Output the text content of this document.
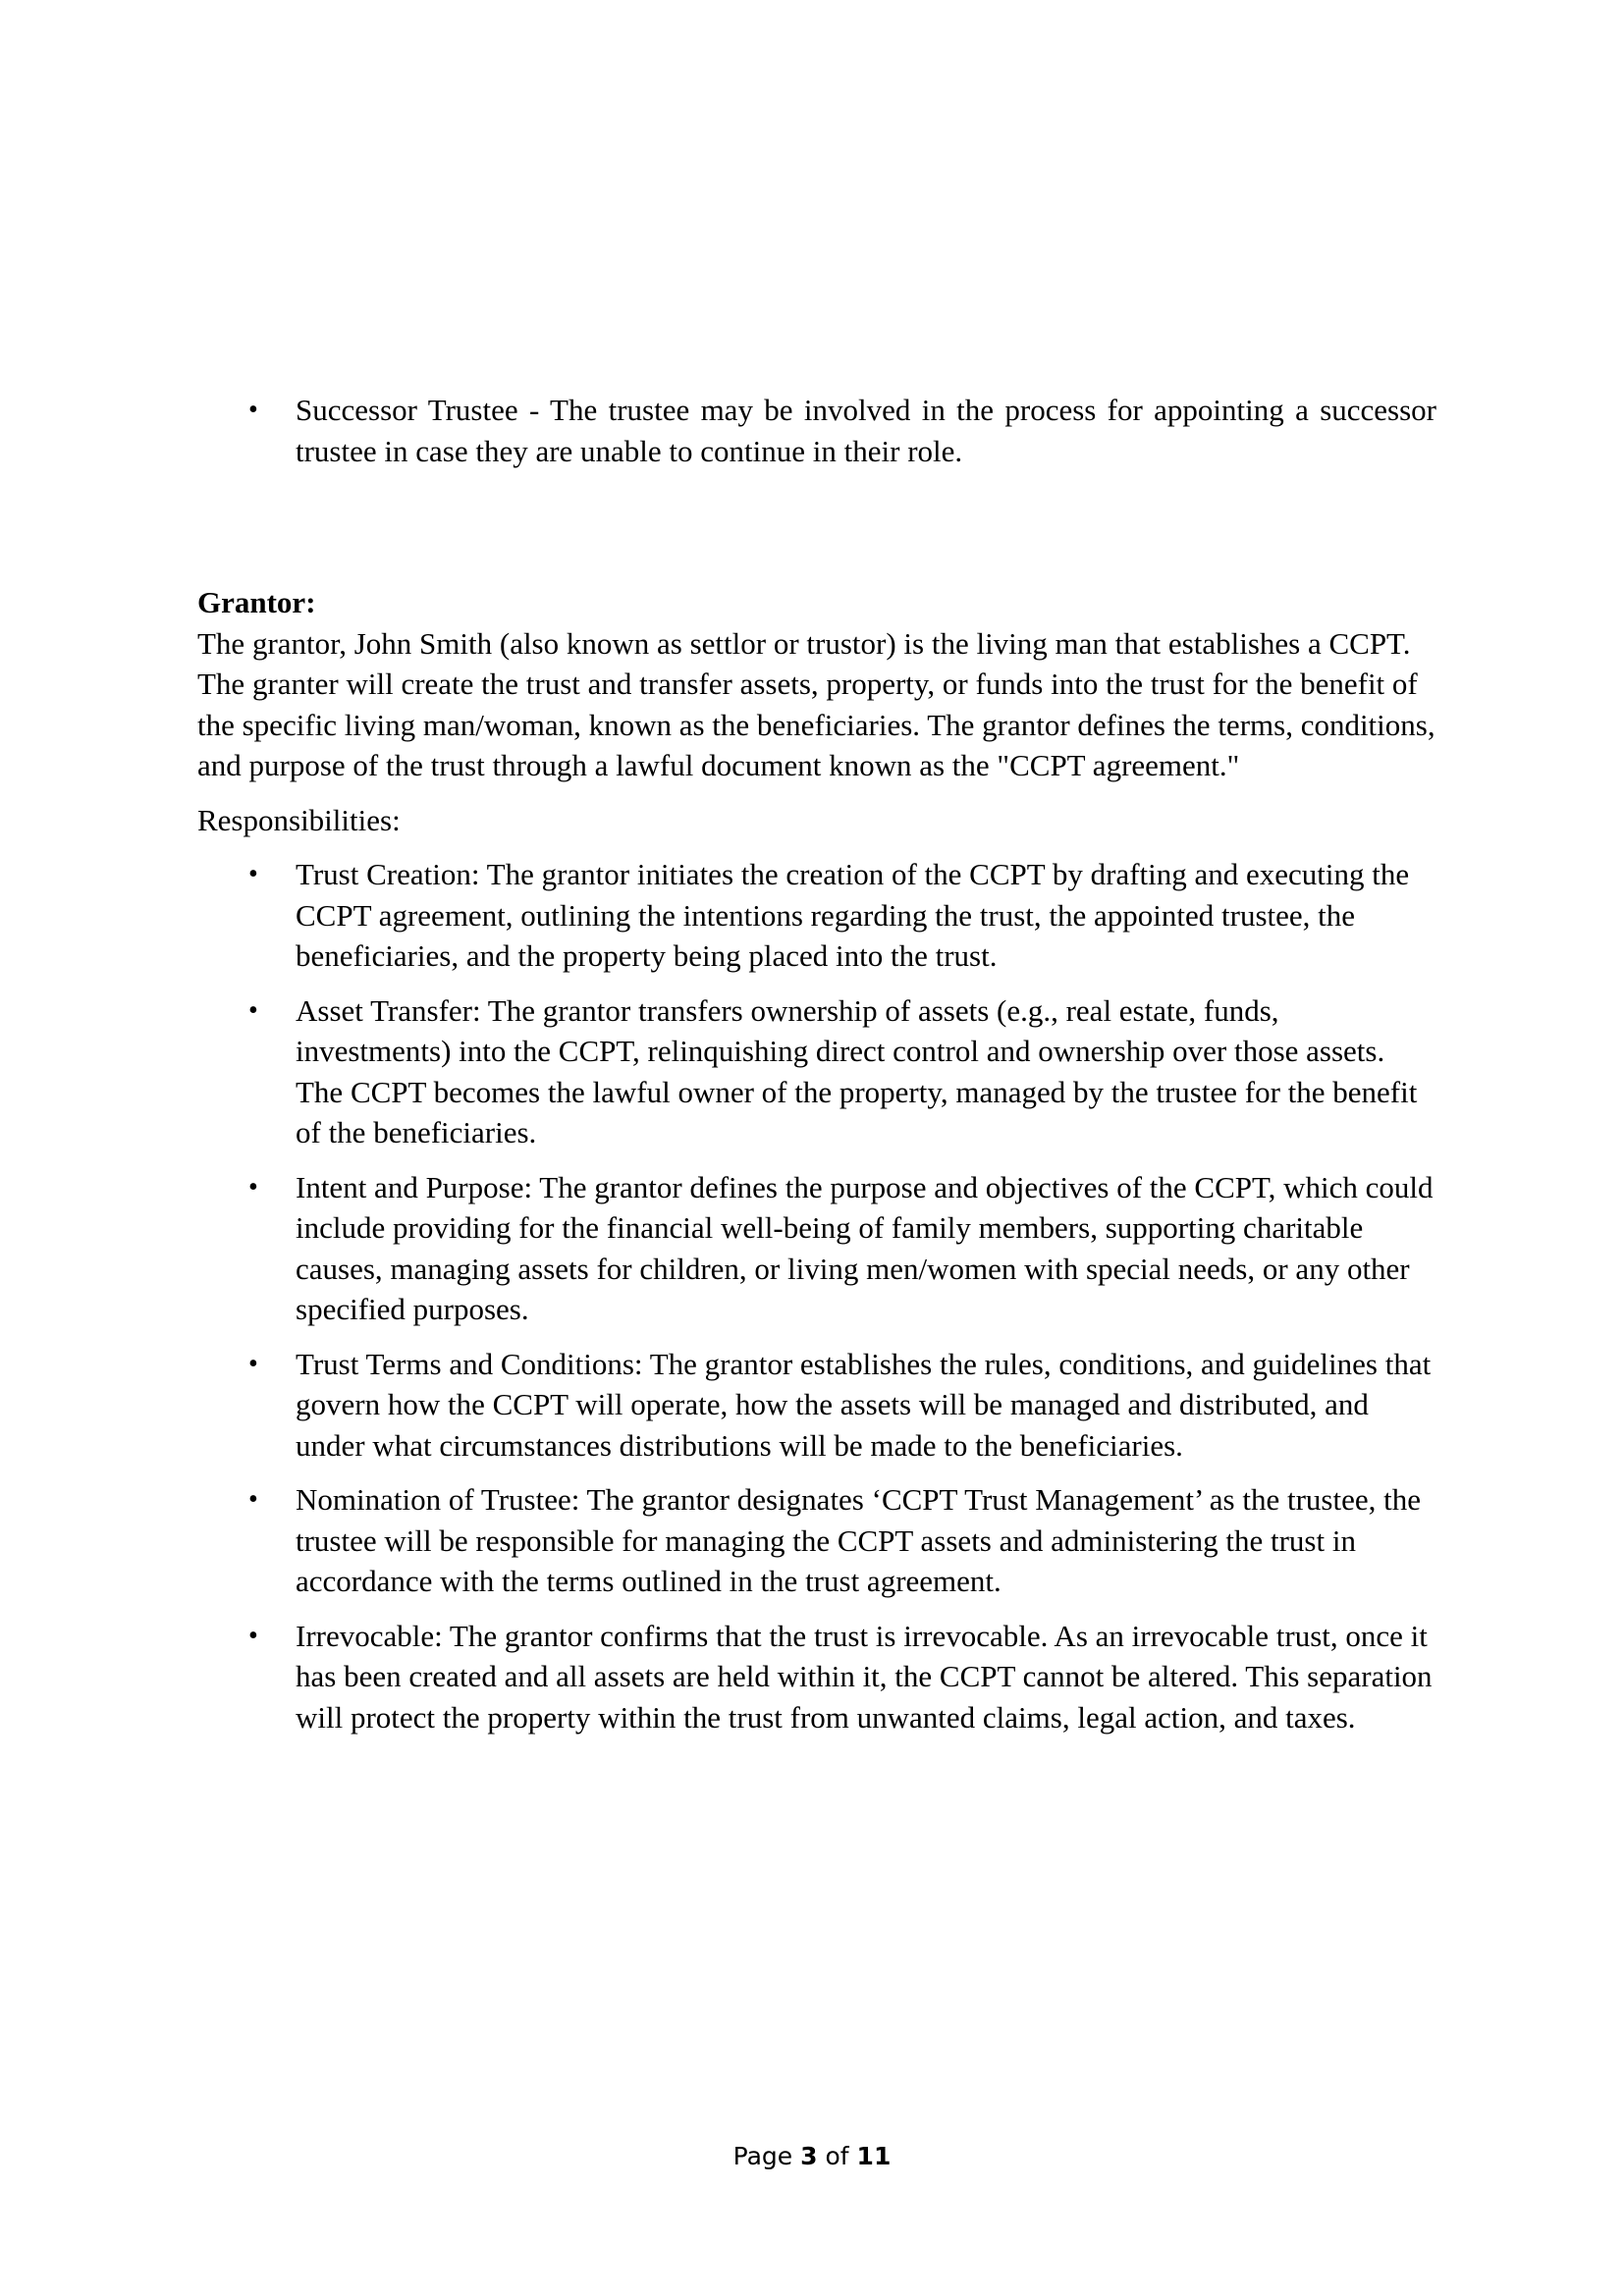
• Successor Trustee - The trustee may be involved in the process for appointing a successor trustee in case they are unable to continue in their role.

Grantor:

The grantor, John Smith (also known as settlor or trustor) is the living man that establishes a CCPT. The granter will create the trust and transfer assets, property, or funds into the trust for the benefit of the specific living man/woman, known as the beneficiaries. The grantor defines the terms, conditions, and purpose of the trust through a lawful document known as the "CCPT agreement."

Responsibilities:

• Trust Creation: The grantor initiates the creation of the CCPT by drafting and executing the CCPT agreement, outlining the intentions regarding the trust, the appointed trustee, the beneficiaries, and the property being placed into the trust.
• Asset Transfer: The grantor transfers ownership of assets (e.g., real estate, funds, investments) into the CCPT, relinquishing direct control and ownership over those assets. The CCPT becomes the lawful owner of the property, managed by the trustee for the benefit of the beneficiaries.
• Intent and Purpose: The grantor defines the purpose and objectives of the CCPT, which could include providing for the financial well-being of family members, supporting charitable causes, managing assets for children, or living men/women with special needs, or any other specified purposes.
• Trust Terms and Conditions: The grantor establishes the rules, conditions, and guidelines that govern how the CCPT will operate, how the assets will be managed and distributed, and under what circumstances distributions will be made to the beneficiaries.
• Nomination of Trustee: The grantor designates ‘CCPT Trust Management’ as the trustee, the trustee will be responsible for managing the CCPT assets and administering the trust in accordance with the terms outlined in the trust agreement.
• Irrevocable: The grantor confirms that the trust is irrevocable. As an irrevocable trust, once it has been created and all assets are held within it, the CCPT cannot be altered. This separation will protect the property within the trust from unwanted claims, legal action, and taxes.
Page 3 of 11
